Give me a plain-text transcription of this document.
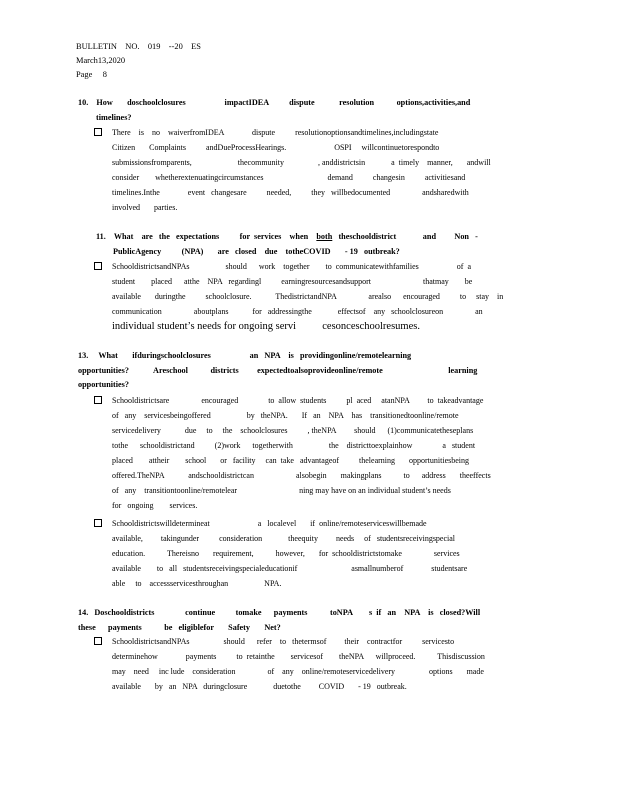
BULLETIN    NO.    019    --20    ES
March13,2020
Page     8
10.    How       doschoolclosures                   impactIDEA          dispute            resolution           options,activities,and
timelines?
There    is    no    waiverfromIDEA              dispute          resolutionoptionsandtimelines,includingstate
Citizen       Complaints          andDueProcessHearings.                        OSPI     willcontinuetorespondto
submissionsfromparents,                       thecommunity                 , anddistrictsin             a  timely    manner,       andwill
consider        whetherextenuatingcircumstances                                demand          changesin          activitiesand
timelines.Inthe              event   changesare          needed,          they   willbedocumented                andsharedwith
involved       parties.
11.    What    are   the   expectations          for  services    when    both   theschooldistrict             and         Non   -
PublicAgency          (NPA)       are   closed    due    totheCOVID       - 19   outbreak?
SchooldistrictsandNPAs                  should      work    together        to  communicatewithfamilies                   of  a
student        placed      atthe    NPA   regardingl          earningresourcesandsupport                          thatmay        be
available       duringthe          schoolclosure.            ThedistrictandNPA                arealso      encouraged          to     stay    in
communication                aboutplans            for   addressingthe             effectsof    any   schoolclosureon                an
individual student’s needs for ongoing servi          cesonceschoolresumes.
13.     What       ifduringschoolclosures                   an   NPA    is   providingonline/remotelearning
opportunities?            Areschool           districts         expectedtoalsoprovideonline/remote                                learning
opportunities?
Schooldistrictsare                encouraged               to  allow  students          pl  aced     atanNPA         to  takeadvantage
of   any    servicesbeingoffered                  by   theNPA.       If   an    NPA    has    transitionedtoonline/remote
servicedelivery            due     to     the    schoolclosures          , theNPA         should      (1)communicatetheseplans
tothe      schooldistrictand          (2)work      togetherwith                  the    districttoexplainhow               a   student
placed        attheir        school       or   facility     can  take   advantageof          thelearning       opportunitiesbeing
offered.TheNPA            andschooldistrictcan                     alsobegin       makingplans           to      address       theeffects
of   any    transitiontoonline/remotelear                               ning may have on an individual student’s needs
for   ongoing        services.
Schooldistrictswilldetermineat                        a   localevel       if  online/remoteserviceswillbemade
available,         takingunder          consideration             theequity         needs     of   studentsreceivingspecial
education.           Thereisno       requirement,           however,       for  schooldistrictstomake                services
available        to   all   studentsreceivingspecialeducationif                           asmallnumberof              studentsare
able     to    accessservicesthroughan                  NPA.
14.   Doschooldistricts               continue          tomake      payments           toNPA        s  if   an    NPA    is   closed?Will
these      payments           be   eligiblefor       Safety       Net?
SchooldistrictsandNPAs                 should      refer    to   thetermsof         their    contractfor          servicesto
determinehow              payments          to  retainthe        servicesof        theNPA      willproceed.           Thisdiscussion
may    need     inc lude    consideration                of    any    online/remoteservicedelivery                 options       made
available       by   an   NPA   duringclosure             duetothe         COVID       - 19   outbreak.
